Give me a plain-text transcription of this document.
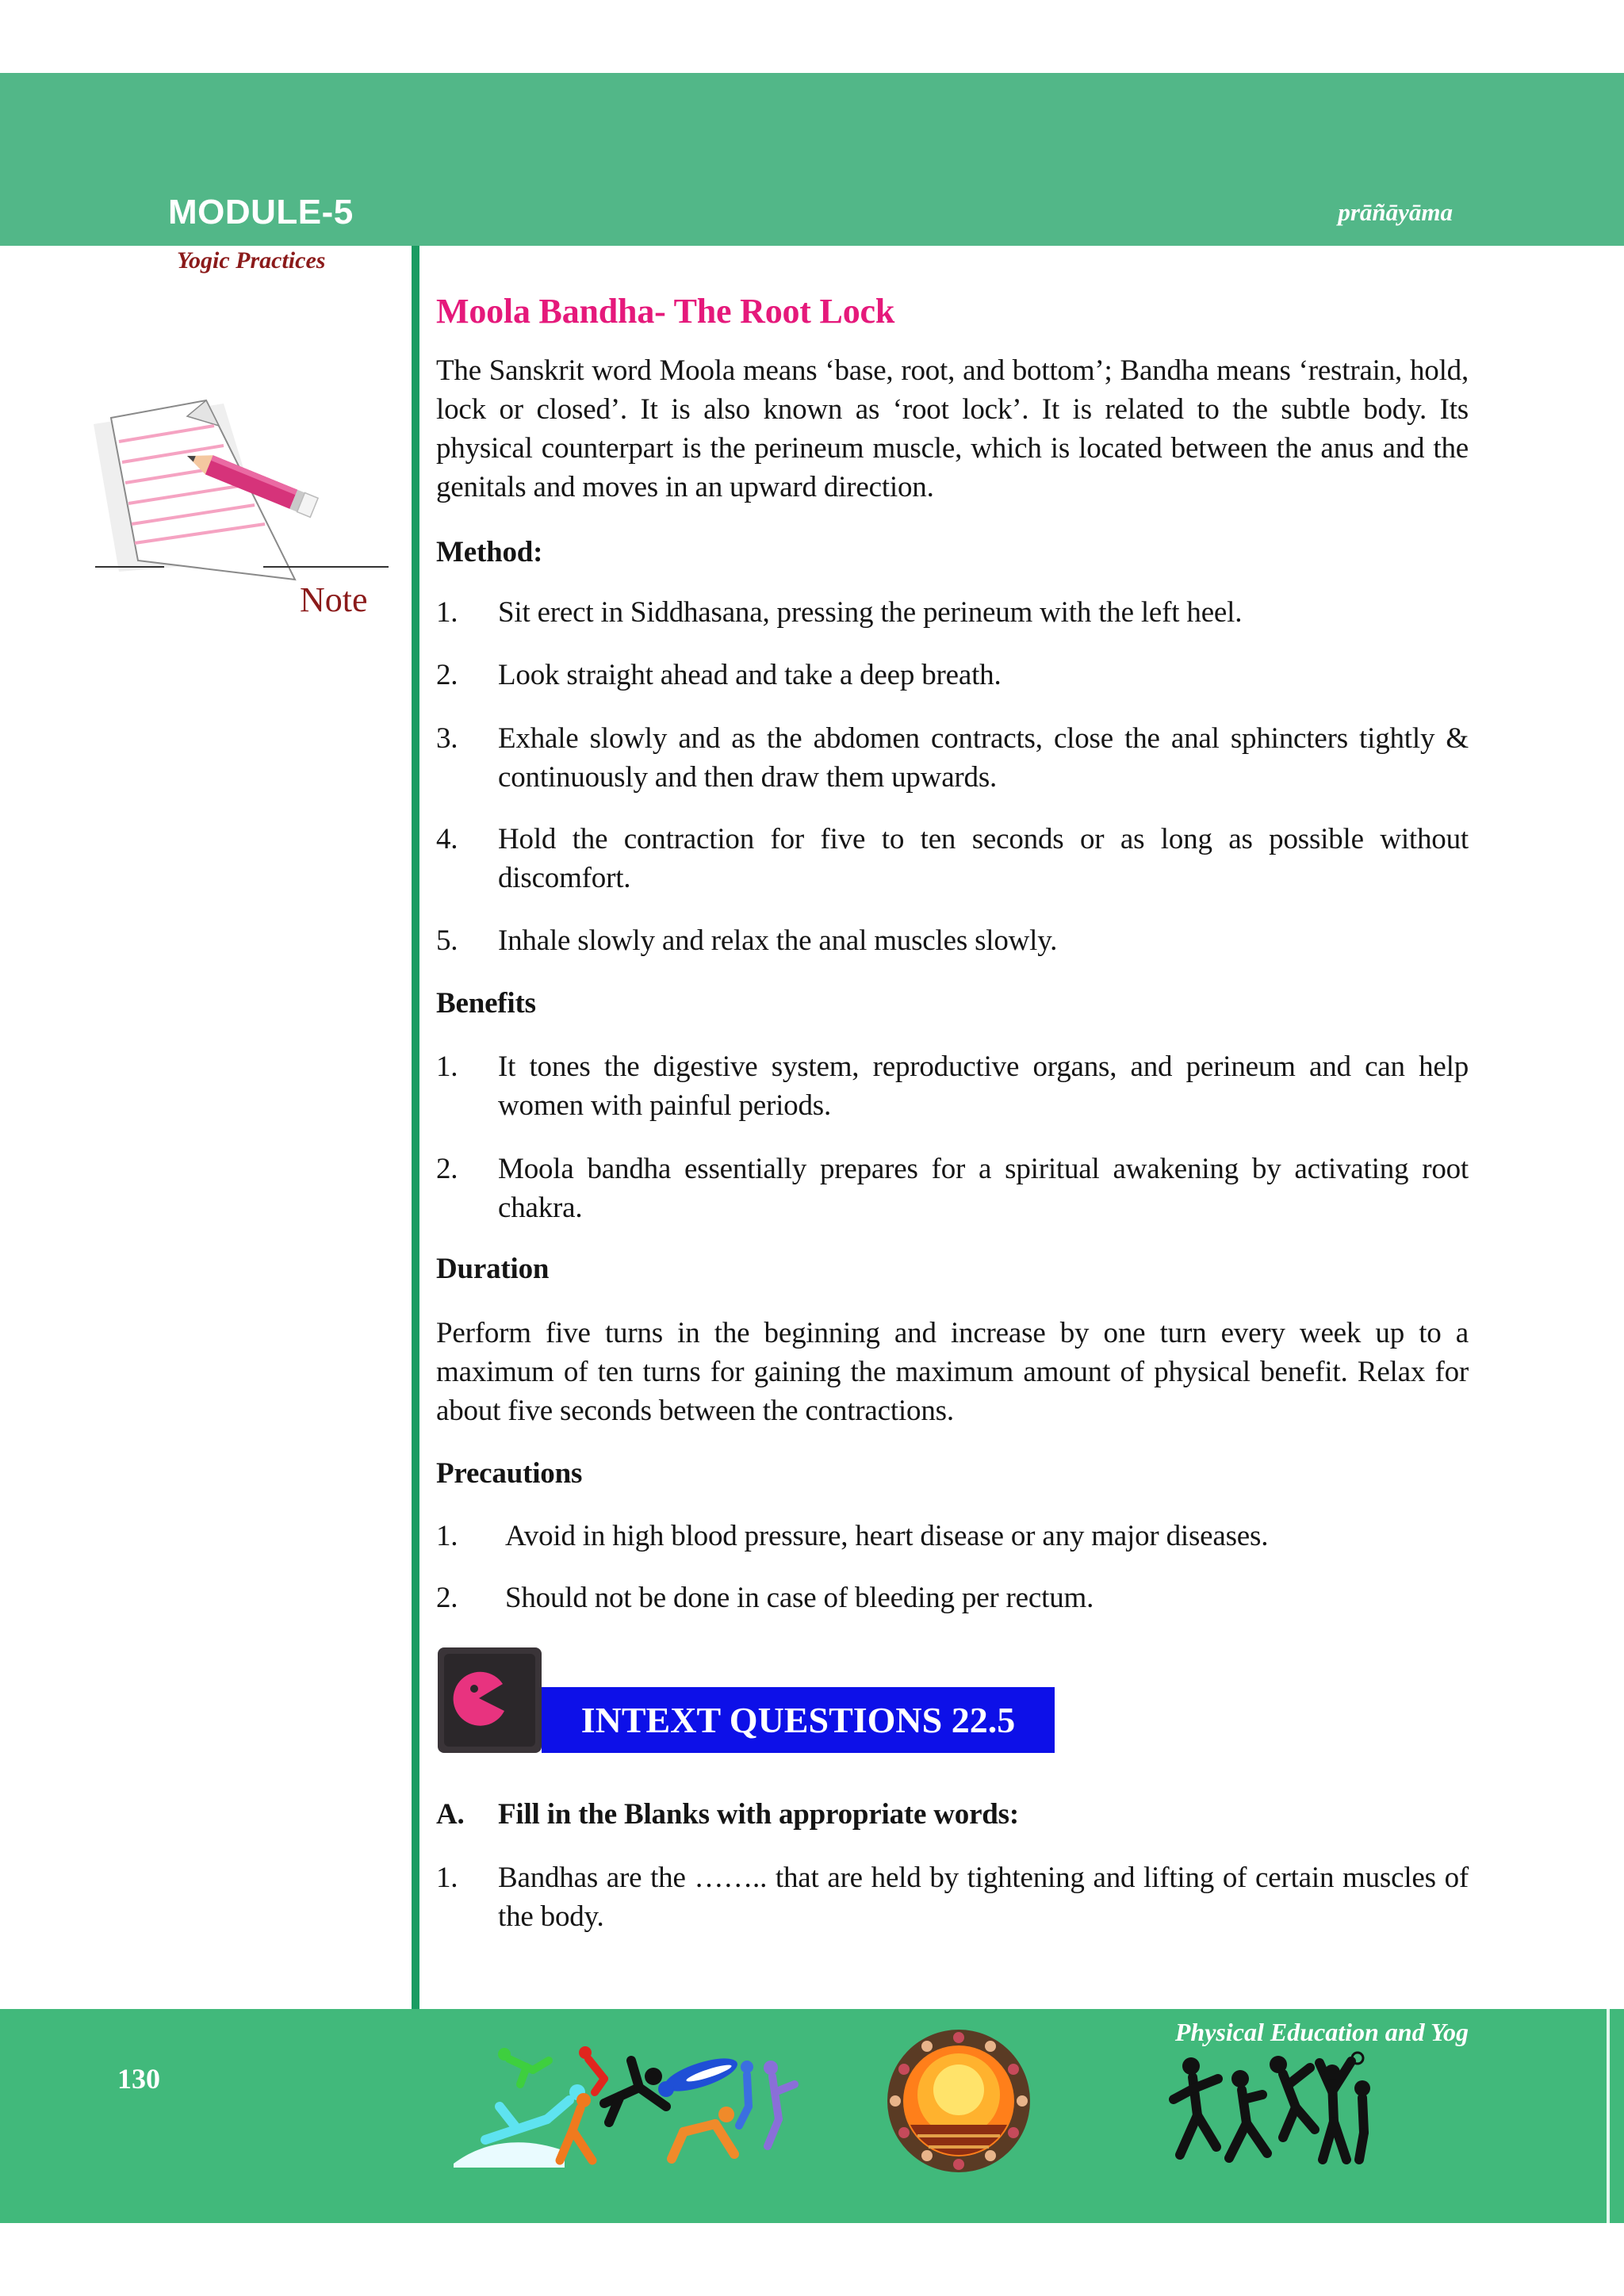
MODULE-5	prāñāyāma
Yogic Practices
Note
Moola Bandha- The Root Lock
The Sanskrit word Moola means ‘base, root, and bottom’; Bandha means ‘restrain, hold, lock or closed’. It is also known as ‘root lock’. It is related to the subtle body. Its physical counterpart is the perineum muscle, which is located between the anus and the genitals and moves in an upward direction.
Method:
1.	Sit erect in Siddhasana, pressing the perineum with the left heel.
2.	Look straight ahead and take a deep breath.
3.	Exhale slowly and as the abdomen contracts, close the anal sphincters tightly & continuously and then draw them upwards.
4.	Hold the contraction for five to ten seconds or as long as possible without discomfort.
5.	Inhale slowly and relax the anal muscles slowly.
Benefits
1.	It tones the digestive system, reproductive organs, and perineum and can help women with painful periods.
2.	Moola bandha essentially prepares for a spiritual awakening by activating root chakra.
Duration
Perform five turns in the beginning and increase by one turn every week up to a maximum of ten turns for gaining the maximum amount of physical benefit. Relax for about five seconds between the contractions.
Precautions
1.	Avoid in high blood pressure, heart disease or any major diseases.
2.	Should not be done in case of bleeding per rectum.
INTEXT QUESTIONS 22.5
A.	Fill in the Blanks with appropriate words:
1.	Bandhas are the …….. that are held by tightening and lifting of certain muscles of the body.
Physical Education and Yog
130
